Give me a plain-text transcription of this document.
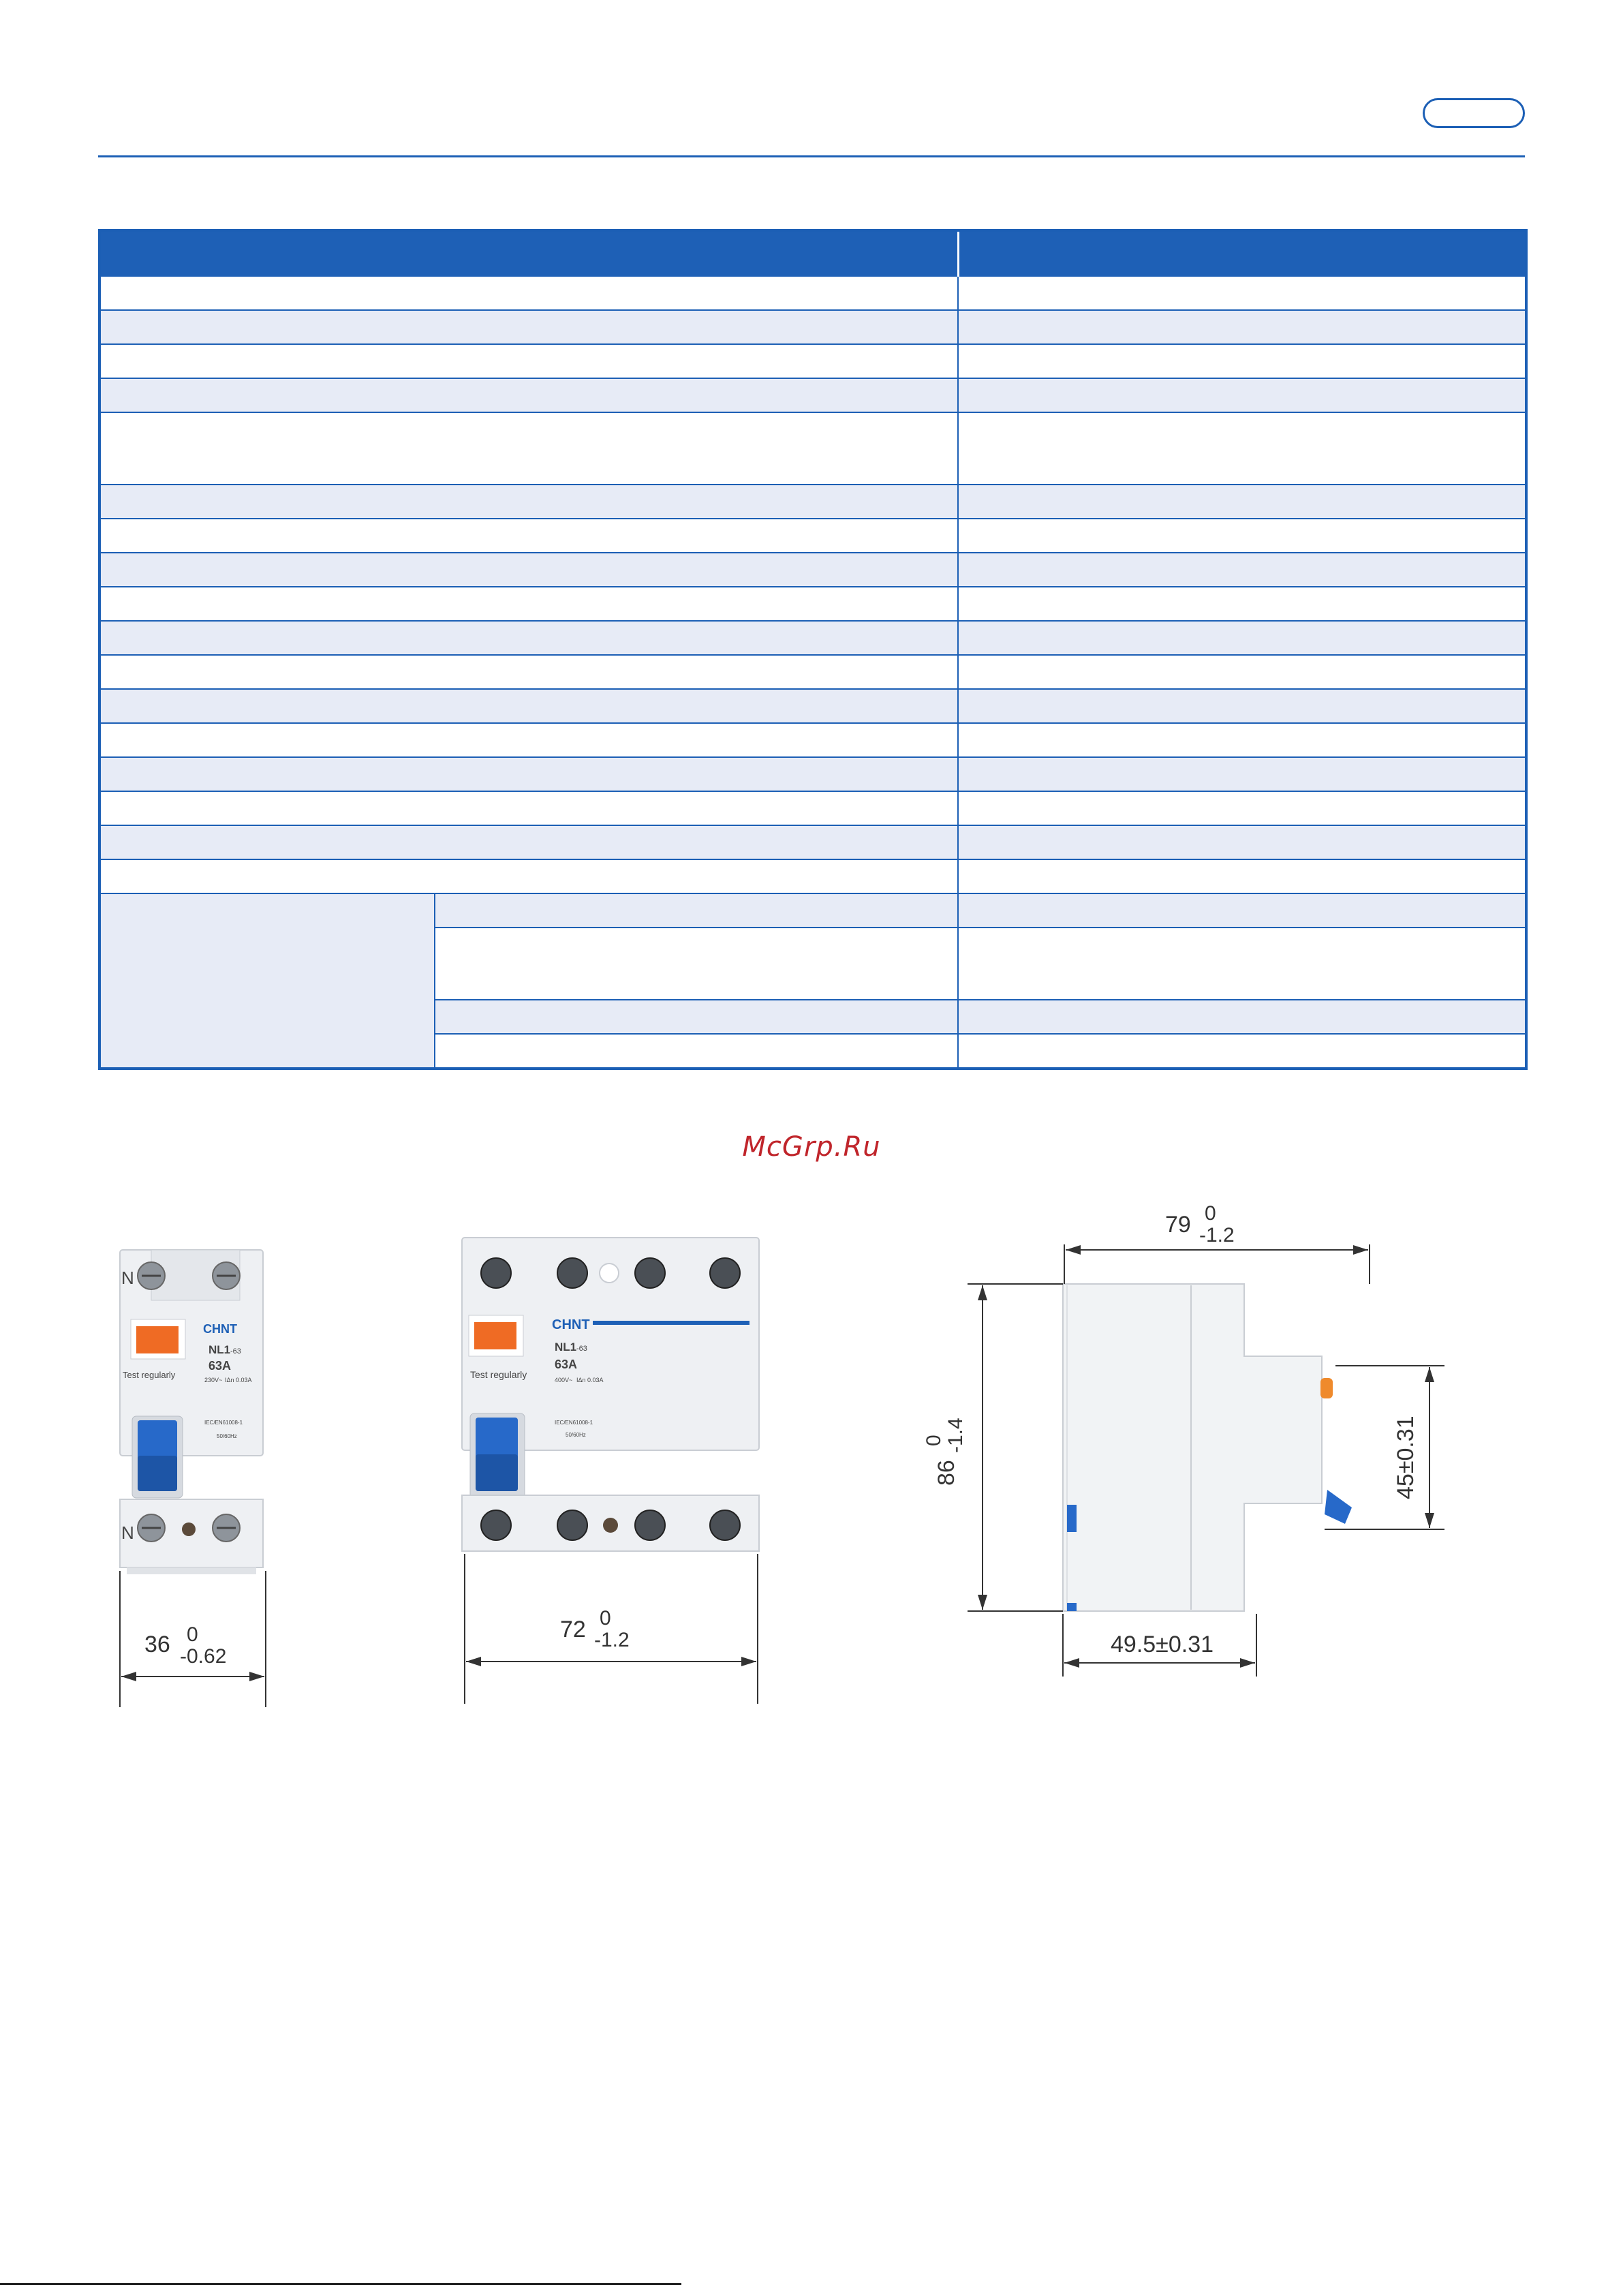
McGrp.Ru
N
CHNT
NL1 -63
63A
Test regularly	230V~ IΔn 0.03A
IEC/EN61008-1
50/60Hz
N
36 0
-0.62
CHNT
NL1 -63
63A
Test regularly	400V~ IΔn 0.03A
IEC/EN61008-1
50/60Hz
72 0
-1.2
79 0
-1.2
86
0 -1.4	45±0.31
49.5±0.31
